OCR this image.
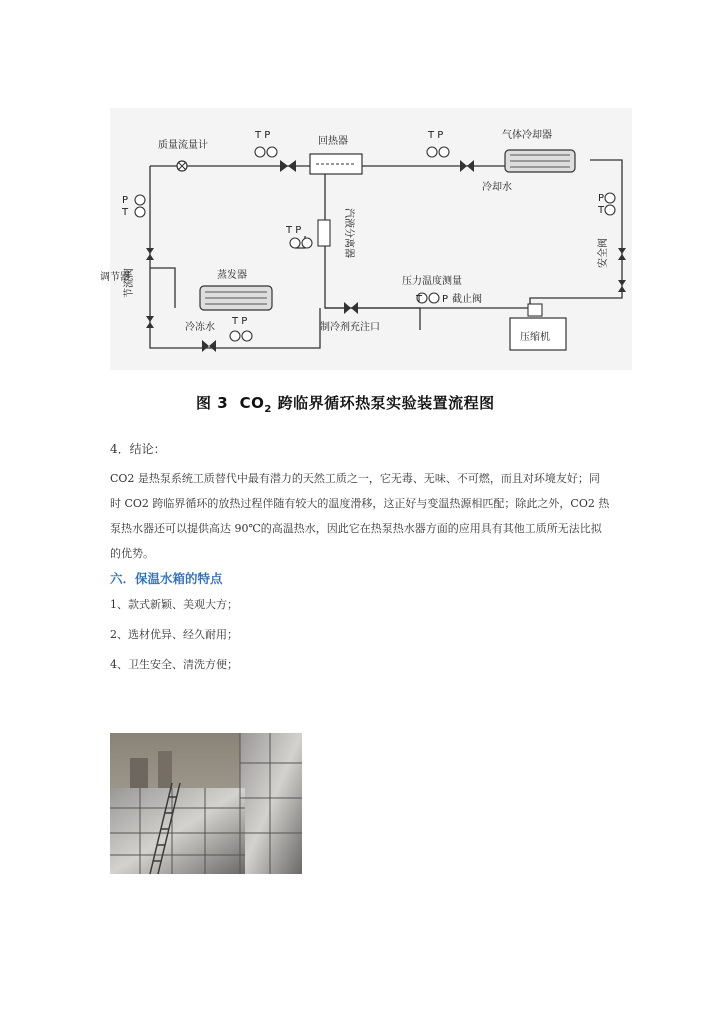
质量流量计
T P
回热器
T P	气体冷却器
冷却水
P
T
P
T
调节器	蒸发器
T P
冷冻水
T P
制冷剂充注口
压力温度测量
T P 截止阀
压缩机
汽液分离器
节流阀
安全阀
图 3 $CO_2$ 跨临界循环热泵实验装置流程图
4．结论：
CO2 是热泵系统工质替代中最有潜力的天然工质之一，它无毒、无味、不可燃，而且对环境友好；同
时 CO2 跨临界循环的放热过程伴随有较大的温度滑移，这正好与变温热源相匹配；除此之外，CO2 热
泵热水器还可以提供高达 90℃的高温热水，因此它在热泵热水器方面的应用具有其他工质所无法比拟
的优势。
六．保温水箱的特点
1、款式新颖、美观大方；
2、选材优异、经久耐用；
4、卫生安全、清洗方便；
